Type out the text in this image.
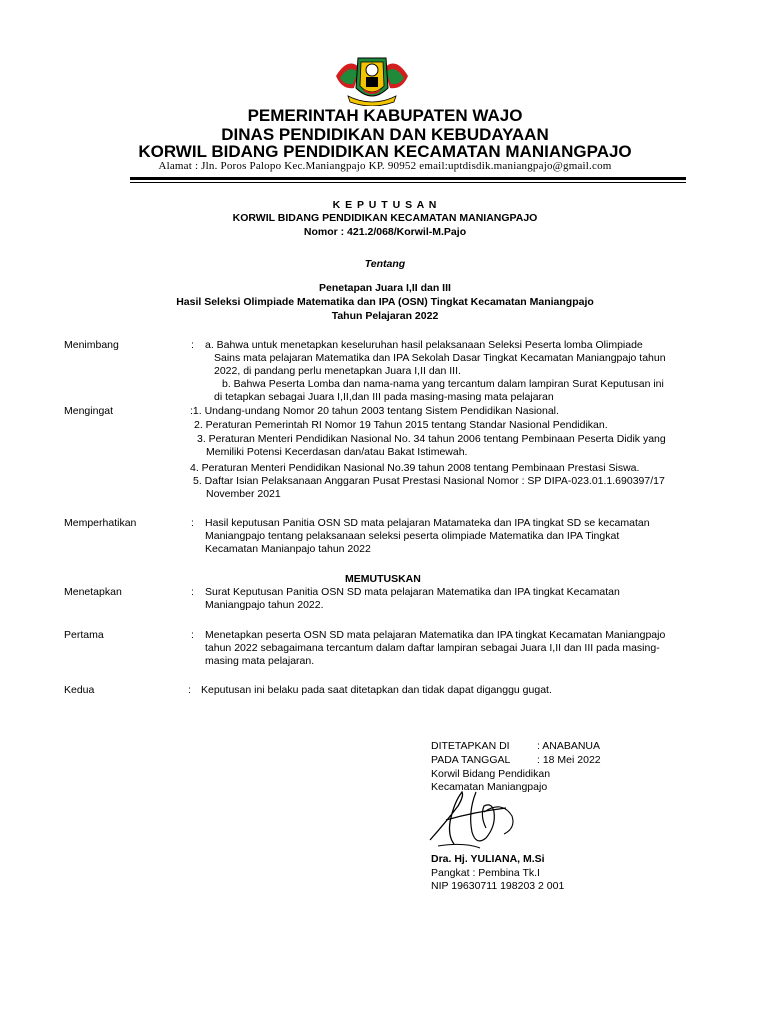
PEMERINTAH KABUPATEN WAJO
DINAS PENDIDIKAN DAN KEBUDAYAAN
KORWIL BIDANG PENDIDIKAN KECAMATAN MANIANGPAJO
Alamat : Jln. Poros Palopo Kec.Maniangpajo KP. 90952 email:uptdisdik.maniangpajo@gmail.com
K E P U T U S A N
KORWIL BIDANG PENDIDIKAN KECAMATAN MANIANGPAJO
Nomor : 421.2/068/Korwil-M.Pajo
Tentang
Penetapan Juara I,II dan III
Hasil Seleksi Olimpiade Matematika dan IPA (OSN) Tingkat Kecamatan Maniangpajo
Tahun Pelajaran 2022
Menimbang	: a. Bahwa untuk menetapkan keseluruhan hasil pelaksanaan Seleksi Peserta lomba Olimpiade
Sains mata pelajaran Matematika dan IPA Sekolah Dasar Tingkat Kecamatan Maniangpajo tahun
2022, di pandang perlu menetapkan Juara I,II dan III.
b. Bahwa Peserta Lomba dan nama-nama yang tercantum dalam lampiran Surat Keputusan ini
di tetapkan sebagai Juara I,II,dan III pada masing-masing mata pelajaran
Mengingat	:1. Undang-undang Nomor 20 tahun 2003 tentang Sistem Pendidikan Nasional.
2. Peraturan Pemerintah RI Nomor 19 Tahun 2015 tentang Standar Nasional Pendidikan.
3. Peraturan Menteri Pendidikan Nasional No. 34 tahun 2006 tentang Pembinaan Peserta Didik yang
Memiliki Potensi Kecerdasan dan/atau Bakat Istimewah.
4. Peraturan Menteri Pendidikan Nasional No.39 tahun 2008 tentang Pembinaan Prestasi Siswa.
5. Daftar Isian Pelaksanaan Anggaran Pusat Prestasi Nasional Nomor : SP DIPA-023.01.1.690397/17
November 2021
Memperhatikan	: Hasil keputusan Panitia OSN SD mata pelajaran Matamateka dan IPA tingkat SD se kecamatan
Maniangpajo tentang pelaksanaan seleksi peserta olimpiade Matematika dan IPA Tingkat
Kecamatan Manianpajo tahun 2022
MEMUTUSKAN
Menetapkan	: Surat Keputusan Panitia OSN SD mata pelajaran Matematika dan IPA tingkat Kecamatan
Maniangpajo tahun 2022.
Pertama	: Menetapkan peserta OSN SD mata pelajaran Matematika dan IPA tingkat Kecamatan Maniangpajo
tahun 2022 sebagaimana tercantum dalam daftar lampiran sebagai Juara I,II dan III pada masing-
masing mata pelajaran.
Kedua	: Keputusan ini belaku pada saat ditetapkan dan tidak dapat diganggu gugat.
DITETAPKAN DI	: ANABANUA
PADA TANGGAL	: 18 Mei 2022
Korwil Bidang Pendidikan
Kecamatan Maniangpajo
Dra. Hj. YULIANA, M.Si
Pangkat : Pembina Tk.I
NIP 19630711 198203 2 001
